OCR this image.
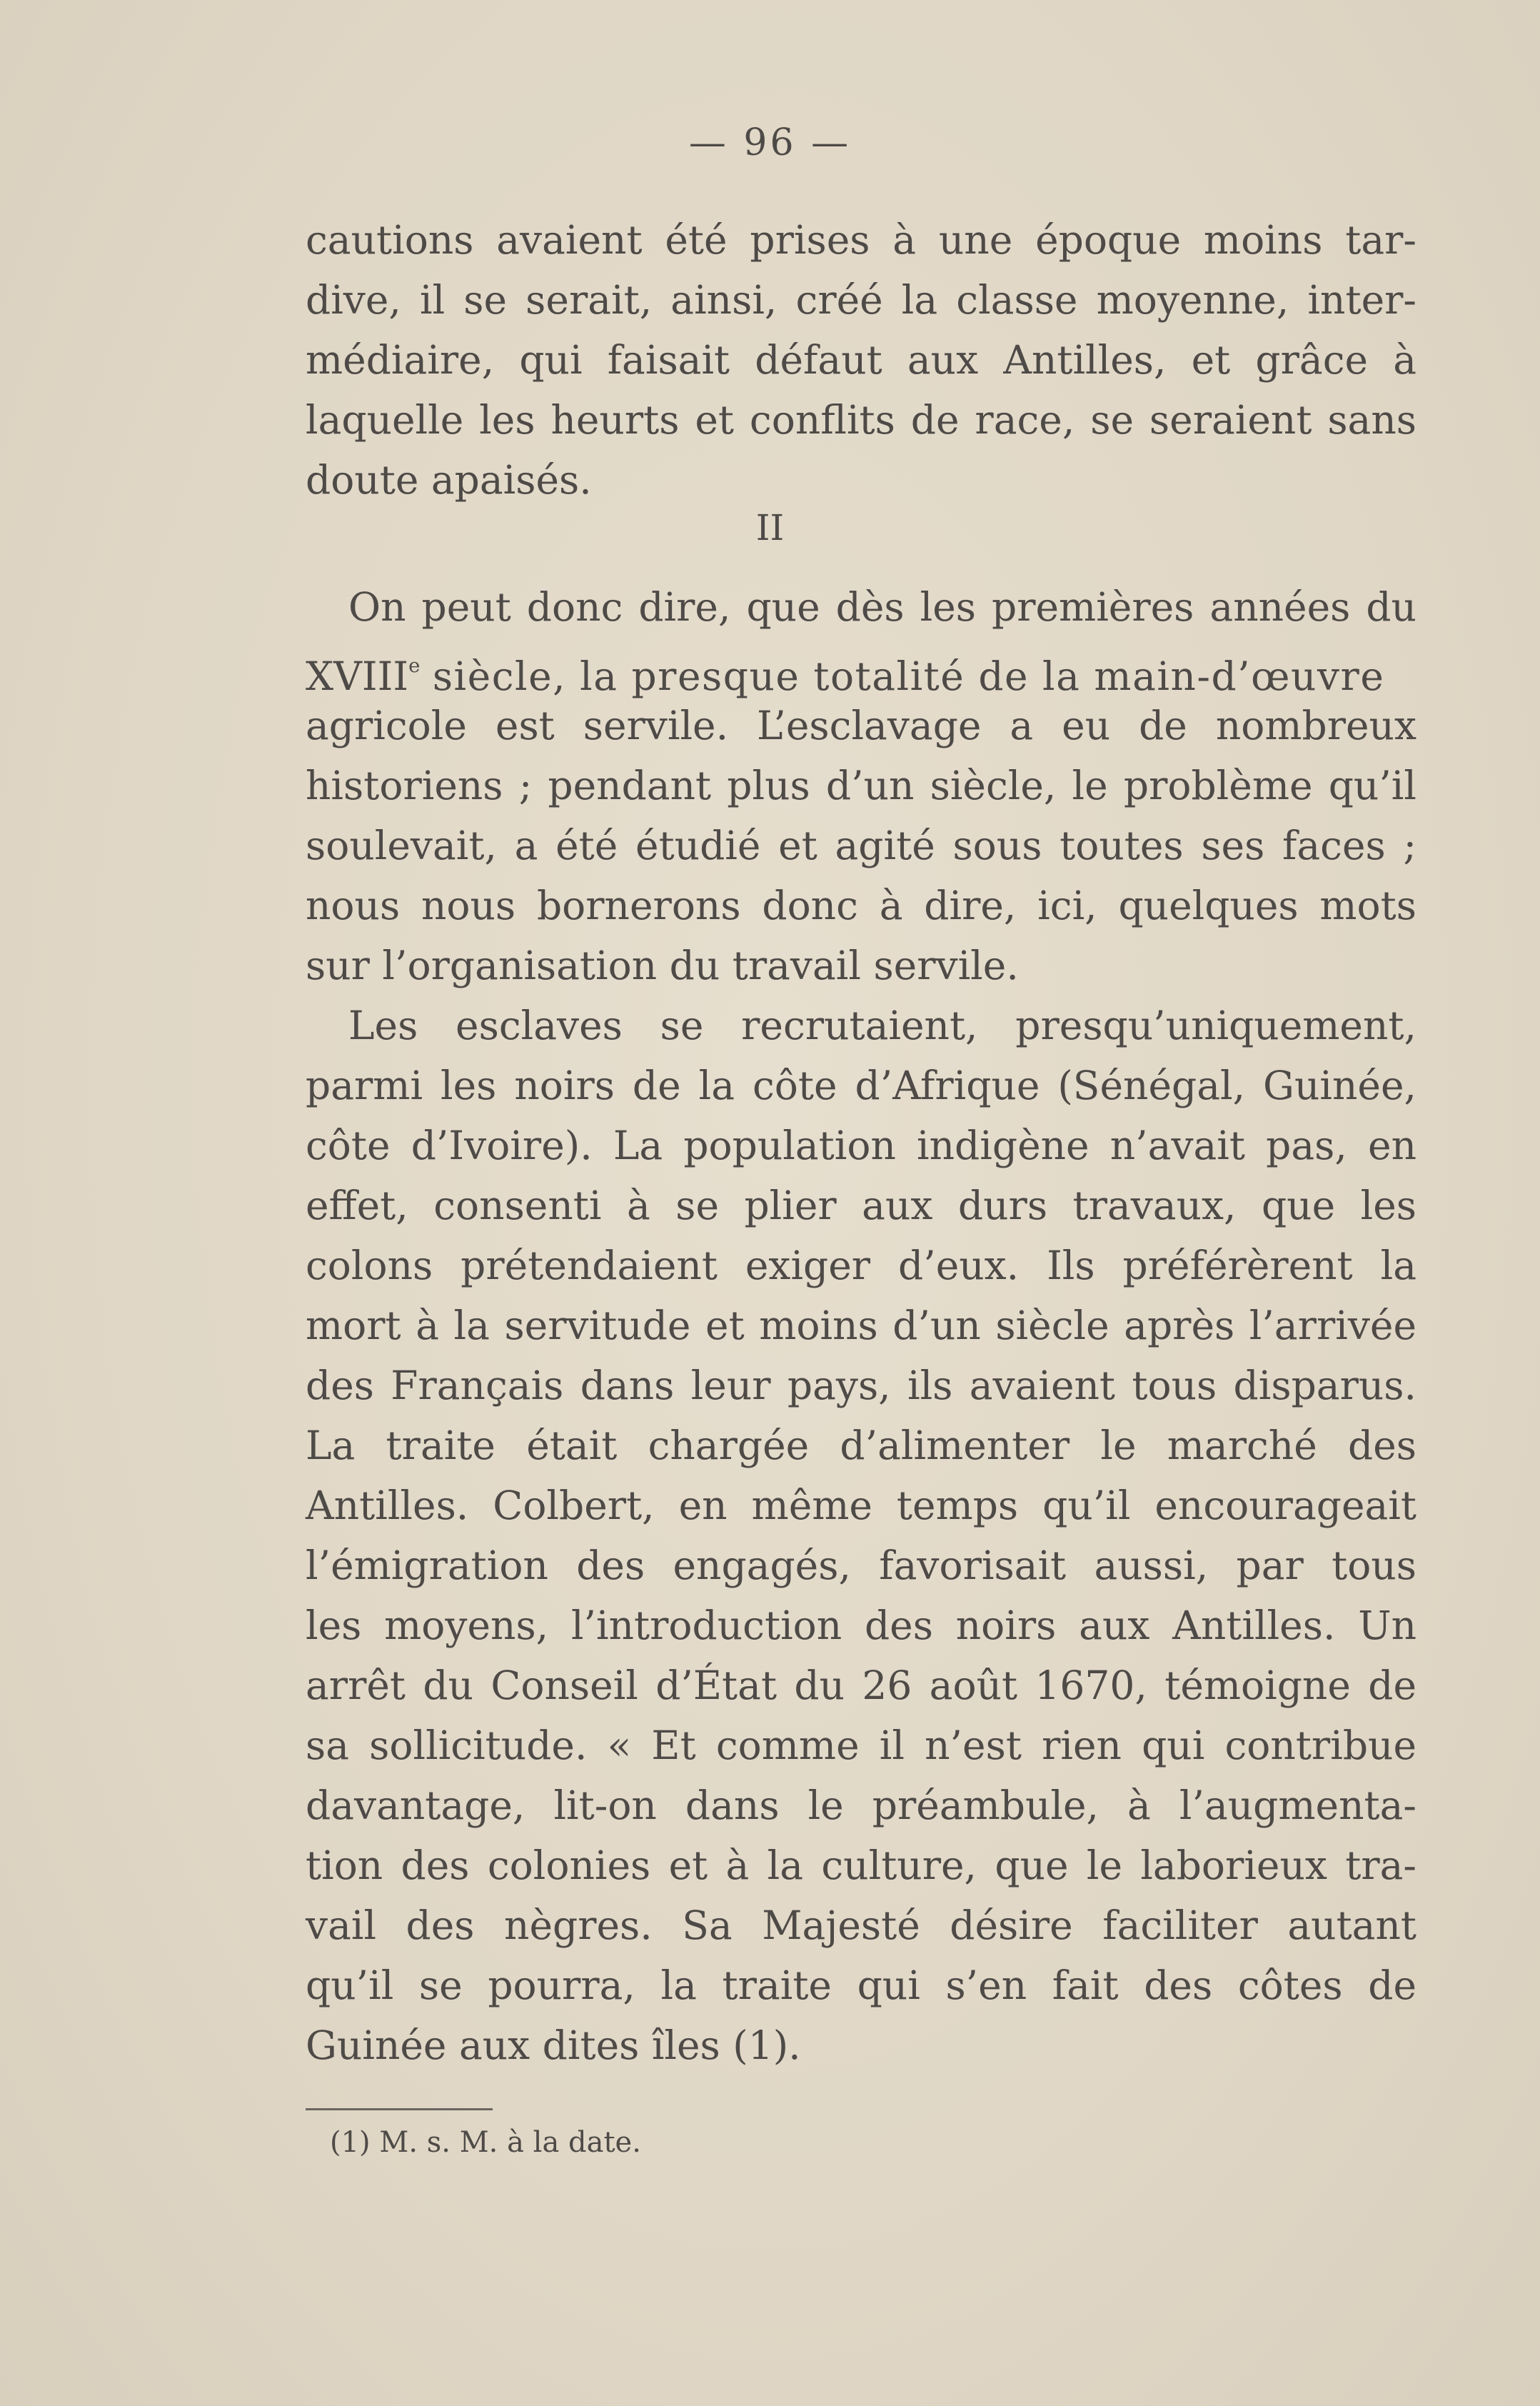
— 96 —
cautions avaient été prises à une époque moins tar-
dive, il se serait, ainsi, créé la classe moyenne, inter-
médiaire, qui faisait défaut aux Antilles, et grâce à
laquelle les heurts et conflits de race, se seraient sans
doute apaisés.
II
On peut donc dire, que dès les premières années du
XVIIIe siècle, la presque totalité de la main-d’œuvre
agricole est servile. L’esclavage a eu de nombreux
historiens ; pendant plus d’un siècle, le problème qu’il
soulevait, a été étudié et agité sous toutes ses faces ;
nous nous bornerons donc à dire, ici, quelques mots
sur l’organisation du travail servile.
Les esclaves se recrutaient, presqu’uniquement,
parmi les noirs de la côte d’Afrique (Sénégal, Guinée,
côte d’Ivoire). La population indigène n’avait pas, en
effet, consenti à se plier aux durs travaux, que les
colons prétendaient exiger d’eux. Ils préférèrent la
mort à la servitude et moins d’un siècle après l’arrivée
des Français dans leur pays, ils avaient tous disparus.
La traite était chargée d’alimenter le marché des
Antilles. Colbert, en même temps qu’il encourageait
l’émigration des engagés, favorisait aussi, par tous
les moyens, l’introduction des noirs aux Antilles. Un
arrêt du Conseil d’État du 26 août 1670, témoigne de
sa sollicitude. « Et comme il n’est rien qui contribue
davantage, lit-on dans le préambule, à l’augmenta-
tion des colonies et à la culture, que le laborieux tra-
vail des nègres. Sa Majesté désire faciliter autant
qu’il se pourra, la traite qui s’en fait des côtes de
Guinée aux dites îles (1).
(1) M. s. M. à la date.
